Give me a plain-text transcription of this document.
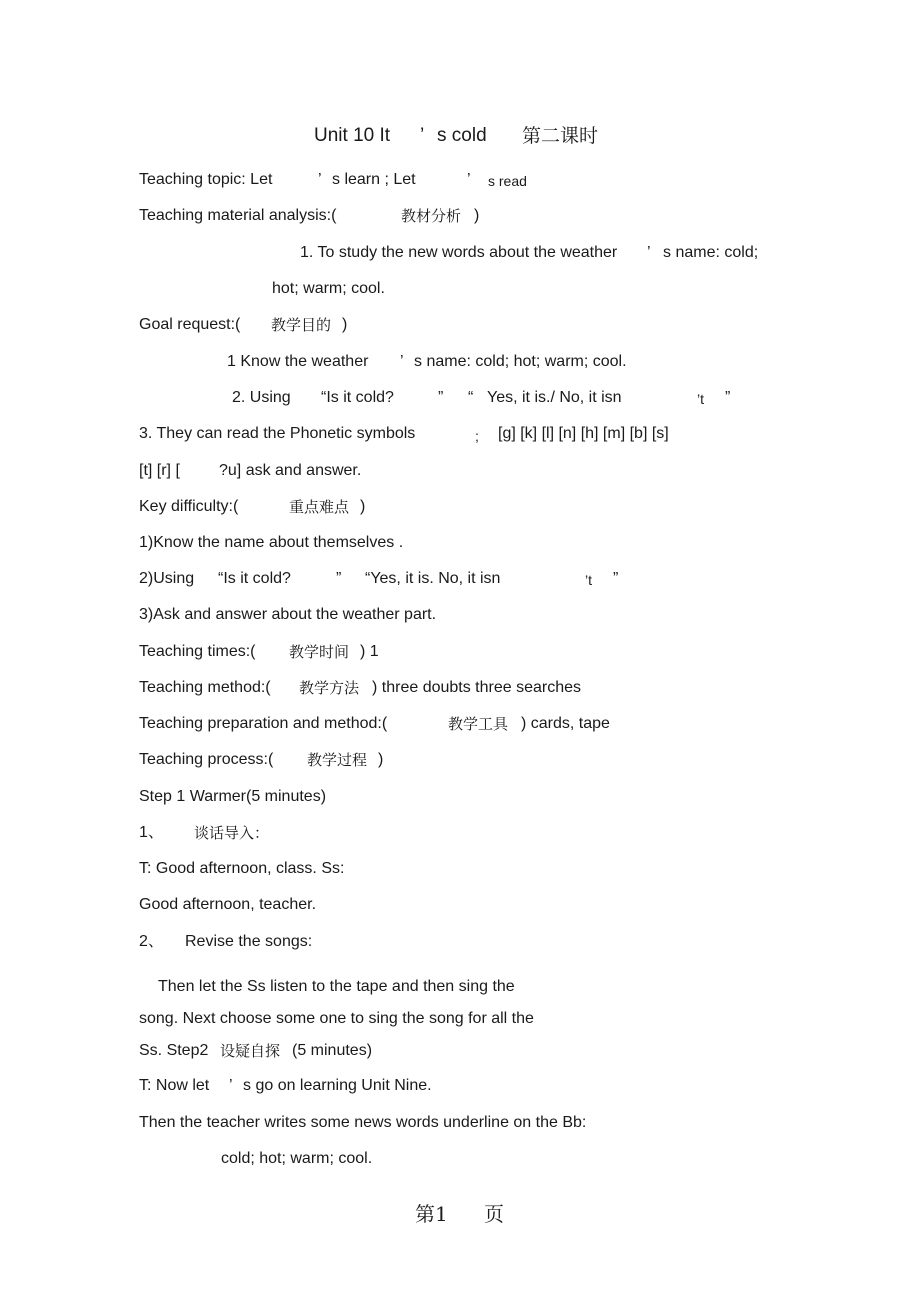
Unit 10 It ’ s cold 第二课时
Teaching topic: Let	’ s learn ; Let	’ s read
Teaching material analysis:(	教材分析 )
1. To study the new words about the weather ’ s name: cold;
hot; warm; cool.
Goal request:( 教学目的 )
1 Know the weather ’ s name: cold; hot; warm; cool.
2. Using “Is it cold?	” “ Yes, it is./ No, it isn	’t ”
3. They can read the Phonetic symbols	; [g] [k] [l] [n] [h] [m] [b] [s]
[t] [r] [ ?u] ask and answer.
Key difficulty:(	重点难点 )
1)Know the name about themselves .
2)Using “Is it cold?	” “Yes, it is. No, it isn	’t ”
3)Ask and answer about the weather part.
Teaching times:( 教学时间 ) 1
Teaching method:( 教学方法 ) three doubts three searches
Teaching preparation and method:(	教学工具 ) cards, tape
Teaching process:( 教学过程 )
Step 1 Warmer(5 minutes)
1、 谈话导入：
T: Good afternoon, class. Ss:
Good afternoon, teacher.
2、 Revise the songs:
Then let the Ss listen to the tape and then sing the
song. Next choose some one to sing the song for all the
Ss. Step2 设疑自探 (5 minutes)
T: Now let ’ s go on learning Unit Nine.
Then the teacher writes some news words underline on the Bb:
cold; hot; warm; cool.
第1 页
